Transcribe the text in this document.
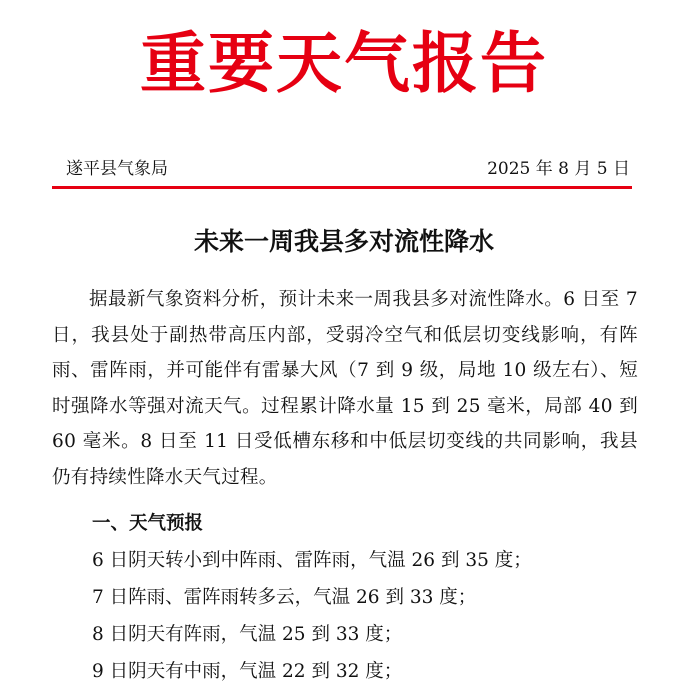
重要天气报告
遂平县气象局	2025 年 8 月 5 日
未来一周我县多对流性降水

据最新气象资料分析，预计未来一周我县多对流性降水。6 日至 7 日，我县处于副热带高压内部，受弱冷空气和低层切变线影响，有阵雨、雷阵雨，并可能伴有雷暴大风（7 到 9 级，局地 10 级左右）、短时强降水等强对流天气。过程累计降水量 15 到 25 毫米，局部 40 到 60 毫米。8 日至 11 日受低槽东移和中低层切变线的共同影响，我县仍有持续性降水天气过程。

一、天气预报
6 日阴天转小到中阵雨、雷阵雨，气温 26 到 35 度；
7 日阵雨、雷阵雨转多云，气温 26 到 33 度；
8 日阴天有阵雨，气温 25 到 33 度；
9 日阴天有中雨，气温 22 到 32 度；
